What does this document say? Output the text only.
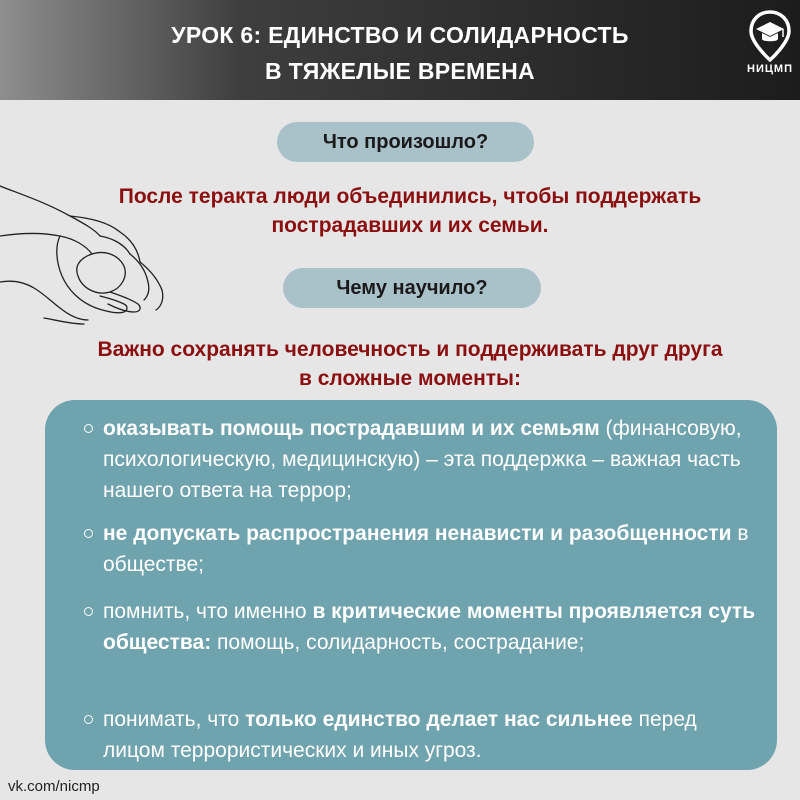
УРОК 6: ЕДИНСТВО И СОЛИДАРНОСТЬ
В ТЯЖЕЛЫЕ ВРЕМЕНА	НИЦМП
Что произошло?
После теракта люди объединились, чтобы поддержать пострадавших и их семьи.
Чему научило?
Важно сохранять человечность и поддерживать друг друга в сложные моменты:
оказывать помощь пострадавшим и их семьям (финансовую, психологическую, медицинскую) – эта поддержка – важная часть нашего ответа на террор;
не допускать распространения ненависти и разобщенности в обществе;
помнить, что именно в критические моменты проявляется суть общества: помощь, солидарность, сострадание;
понимать, что только единство делает нас сильнее перед лицом террористических и иных угроз.
vk.com/nicmp
